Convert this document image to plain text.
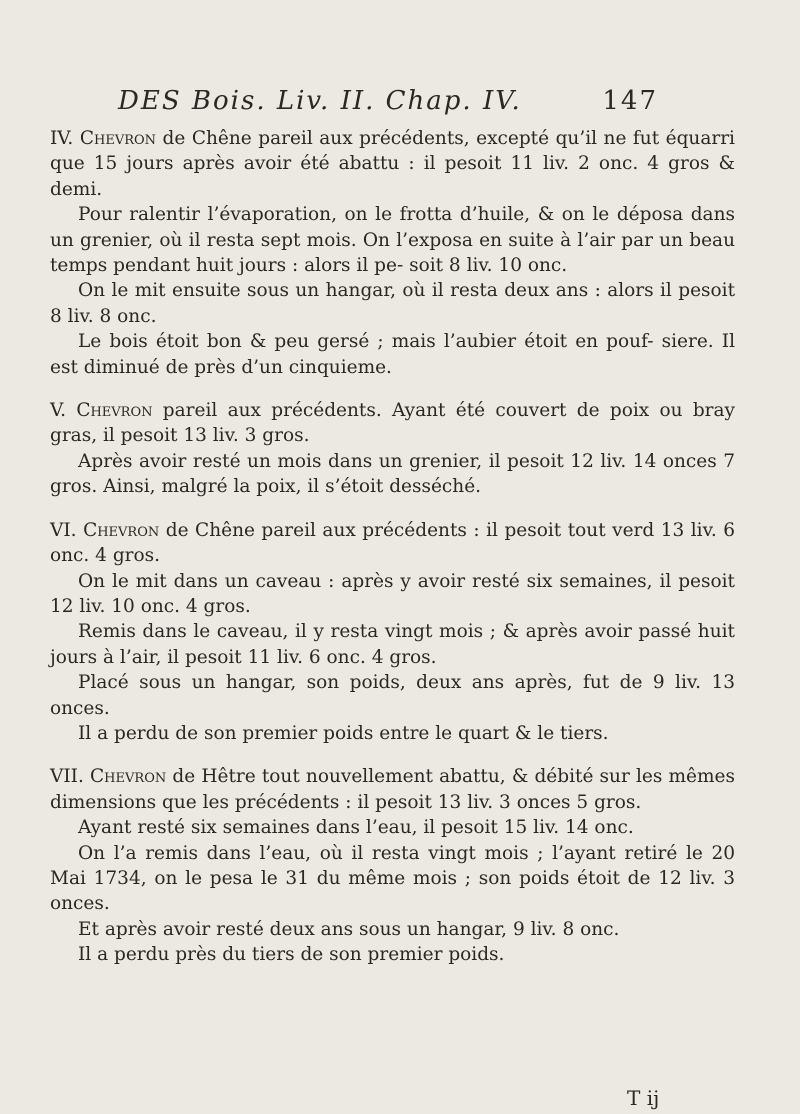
DES Bois. Liv. II. Chap. IV.	147

IV. Chevron de Chêne pareil aux précédents, excepté qu’il ne fut équarri que 15 jours après avoir été abattu : il pesoit 11 liv. 2 onc. 4 gros & demi.

Pour ralentir l’évaporation, on le frotta d’huile, & on le déposa dans un grenier, où il resta sept mois. On l’exposa en suite à l’air par un beau temps pendant huit jours : alors il pe- soit 8 liv. 10 onc.

On le mit ensuite sous un hangar, où il resta deux ans : alors il pesoit 8 liv. 8 onc.

Le bois étoit bon & peu gersé ; mais l’aubier étoit en pouf- siere. Il est diminué de près d’un cinquieme.

V. Chevron pareil aux précédents. Ayant été couvert de poix ou bray gras, il pesoit 13 liv. 3 gros.

Après avoir resté un mois dans un grenier, il pesoit 12 liv. 14 onces 7 gros. Ainsi, malgré la poix, il s’étoit desséché.

VI. Chevron de Chêne pareil aux précédents : il pesoit tout verd 13 liv. 6 onc. 4 gros.

On le mit dans un caveau : après y avoir resté six semaines, il pesoit 12 liv. 10 onc. 4 gros.

Remis dans le caveau, il y resta vingt mois ; & après avoir passé huit jours à l’air, il pesoit 11 liv. 6 onc. 4 gros.

Placé sous un hangar, son poids, deux ans après, fut de 9 liv. 13 onces.

Il a perdu de son premier poids entre le quart & le tiers.

VII. Chevron de Hêtre tout nouvellement abattu, & débité sur les mêmes dimensions que les précédents : il pesoit 13 liv. 3 onces 5 gros.

Ayant resté six semaines dans l’eau, il pesoit 15 liv. 14 onc.

On l’a remis dans l’eau, où il resta vingt mois ; l’ayant retiré le 20 Mai 1734, on le pesa le 31 du même mois ; son poids étoit de 12 liv. 3 onces.

Et après avoir resté deux ans sous un hangar, 9 liv. 8 onc.

Il a perdu près du tiers de son premier poids.

T ij
